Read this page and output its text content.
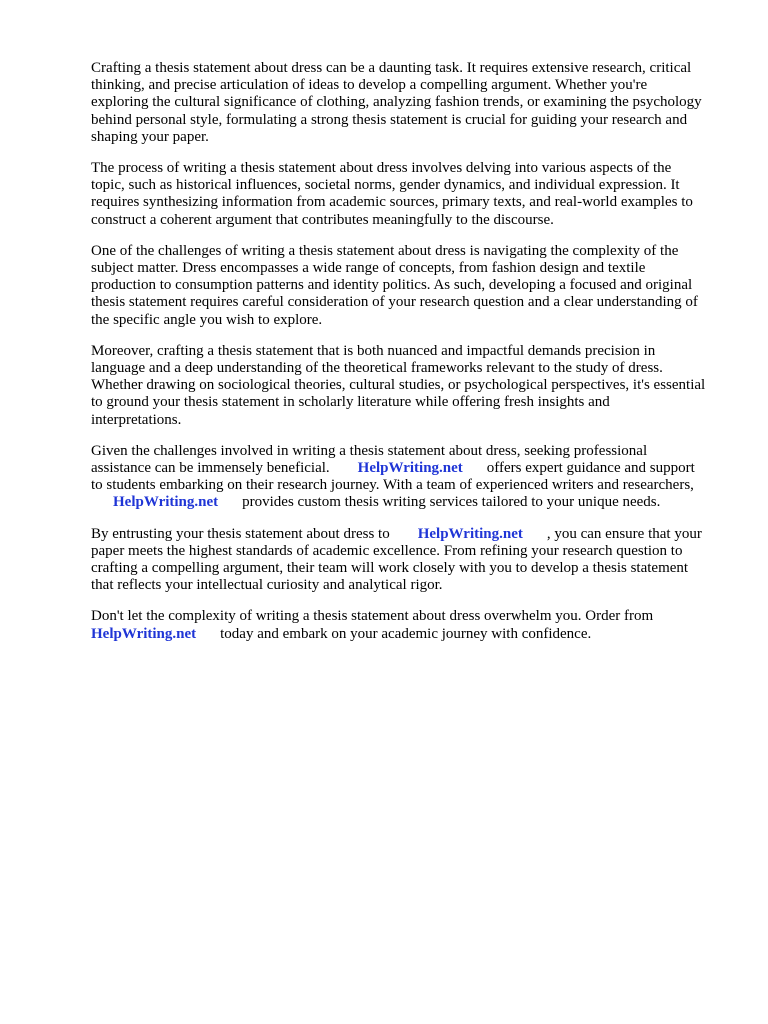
Crafting a thesis statement about dress can be a daunting task. It requires extensive research, critical
thinking, and precise articulation of ideas to develop a compelling argument. Whether you're
exploring the cultural significance of clothing, analyzing fashion trends, or examining the psychology
behind personal style, formulating a strong thesis statement is crucial for guiding your research and
shaping your paper.

The process of writing a thesis statement about dress involves delving into various aspects of the
topic, such as historical influences, societal norms, gender dynamics, and individual expression. It
requires synthesizing information from academic sources, primary texts, and real-world examples to
construct a coherent argument that contributes meaningfully to the discourse.

One of the challenges of writing a thesis statement about dress is navigating the complexity of the
subject matter. Dress encompasses a wide range of concepts, from fashion design and textile
production to consumption patterns and identity politics. As such, developing a focused and original
thesis statement requires careful consideration of your research question and a clear understanding of
the specific angle you wish to explore.

Moreover, crafting a thesis statement that is both nuanced and impactful demands precision in
language and a deep understanding of the theoretical frameworks relevant to the study of dress.
Whether drawing on sociological theories, cultural studies, or psychological perspectives, it's essential
to ground your thesis statement in scholarly literature while offering fresh insights and
interpretations.

Given the challenges involved in writing a thesis statement about dress, seeking professional
assistance can be immensely beneficial. HelpWriting.net offers expert guidance and support
to students embarking on their research journey. With a team of experienced writers and researchers,
HelpWriting.net provides custom thesis writing services tailored to your unique needs.

By entrusting your thesis statement about dress to HelpWriting.net , you can ensure that your
paper meets the highest standards of academic excellence. From refining your research question to
crafting a compelling argument, their team will work closely with you to develop a thesis statement
that reflects your intellectual curiosity and analytical rigor.

Don't let the complexity of writing a thesis statement about dress overwhelm you. Order from
HelpWriting.net today and embark on your academic journey with confidence.
